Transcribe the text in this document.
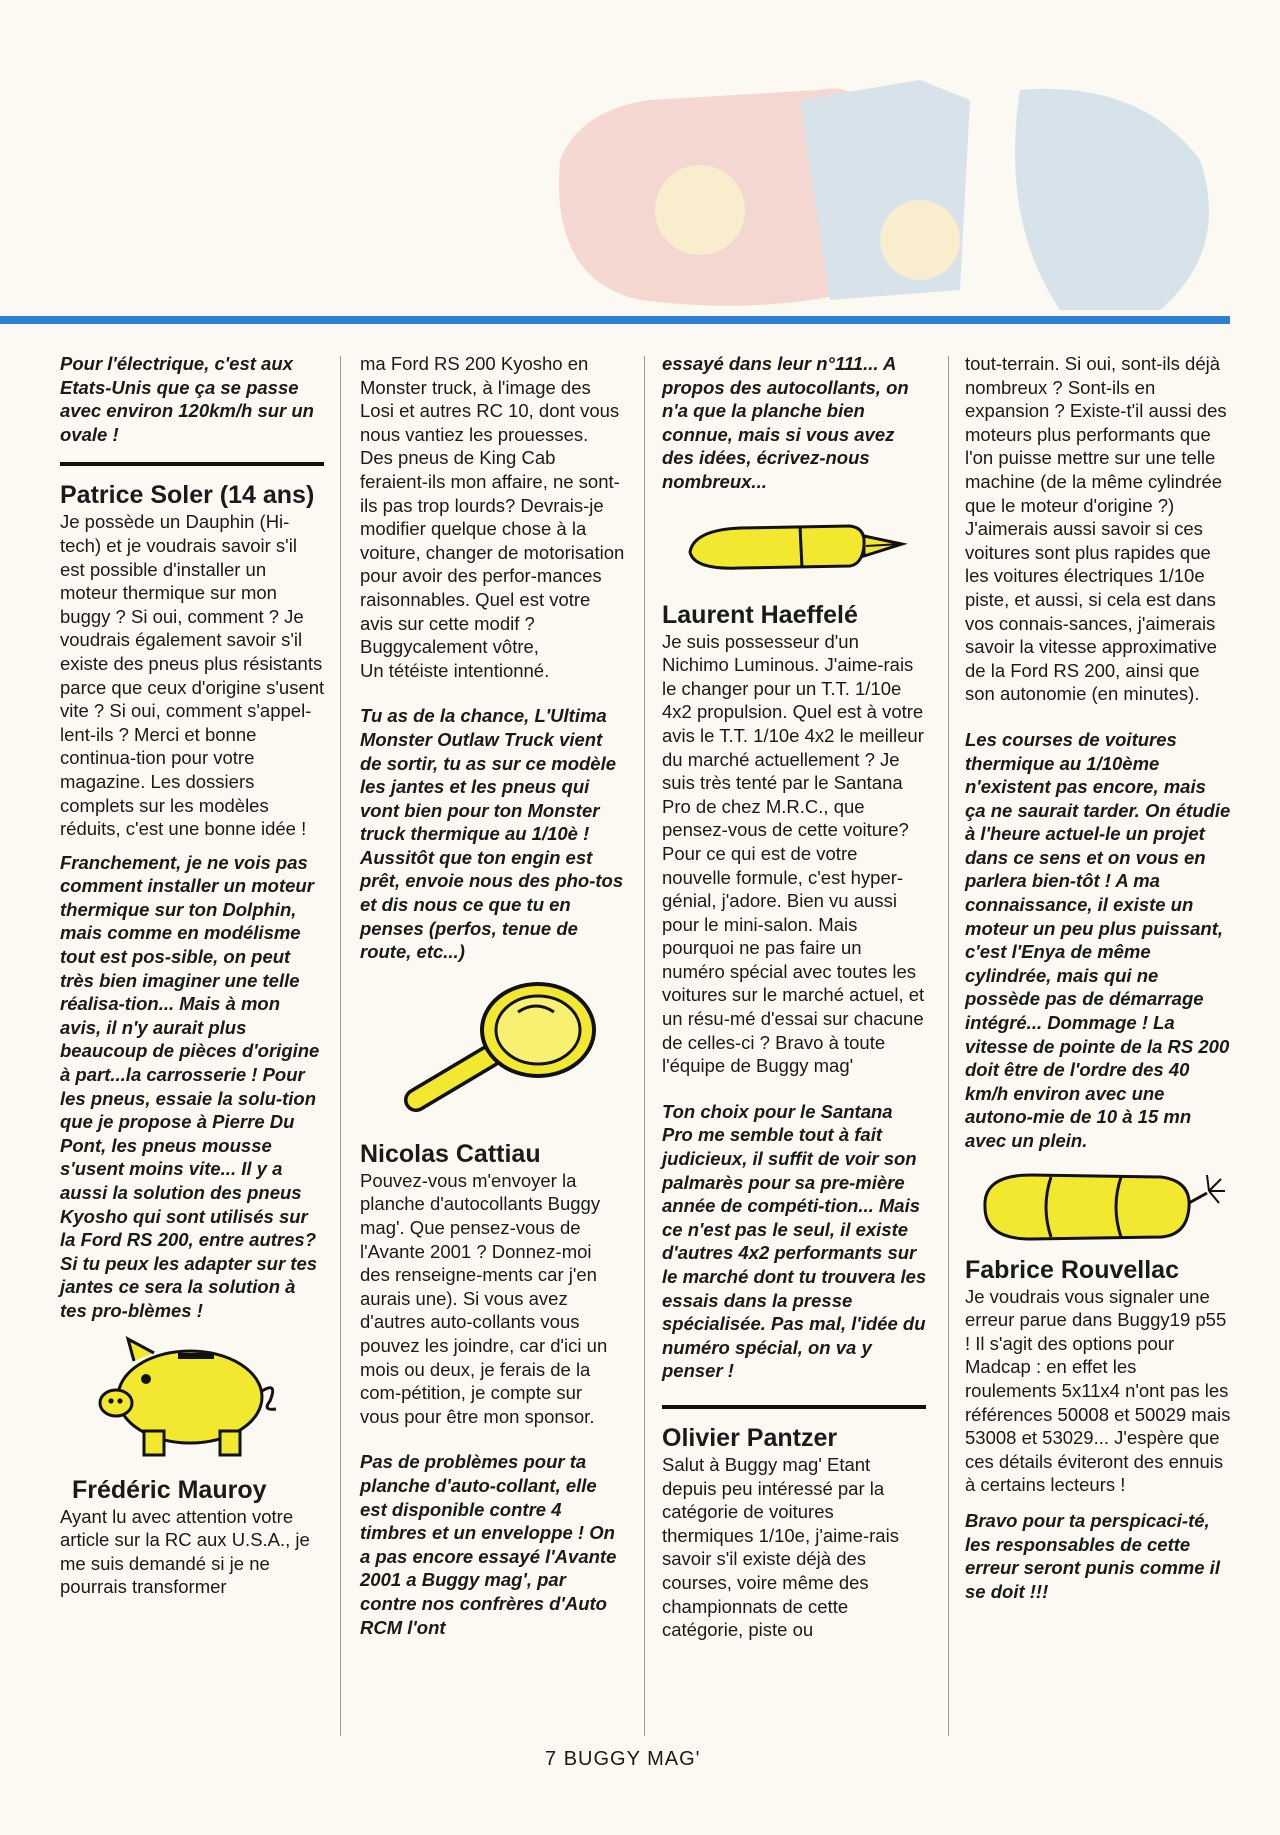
Pour l'électrique, c'est aux Etats-Unis que ça se passe avec environ 120km/h sur un ovale !

Patrice Soler (14 ans)

Je possède un Dauphin (Hi-tech) et je voudrais savoir s'il est possible d'installer un moteur thermique sur mon buggy ? Si oui, comment ? Je voudrais également savoir s'il existe des pneus plus résistants parce que ceux d'origine s'usent vite ? Si oui, comment s'appel-lent-ils ? Merci et bonne continua-tion pour votre magazine. Les dossiers complets sur les modèles réduits, c'est une bonne idée !

Franchement, je ne vois pas comment installer un moteur thermique sur ton Dolphin, mais comme en modélisme tout est pos-sible, on peut très bien imaginer une telle réalisa-tion... Mais à mon avis, il n'y aurait plus beaucoup de pièces d'origine à part...la carrosserie ! Pour les pneus, essaie la solu-tion que je propose à Pierre Du Pont, les pneus mousse s'usent moins vite... Il y a aussi la solution des pneus Kyosho qui sont utilisés sur la Ford RS 200, entre autres? Si tu peux les adapter sur tes jantes ce sera la solution à tes pro-blèmes !

Frédéric Mauroy

Ayant lu avec attention votre article sur la RC aux U.S.A., je me suis demandé si je ne pourrais transformer

ma Ford RS 200 Kyosho en Monster truck, à l'image des Losi et autres RC 10, dont vous nous vantiez les prouesses. Des pneus de King Cab feraient-ils mon affaire, ne sont-ils pas trop lourds? Devrais-je modifier quelque chose à la voiture, changer de motorisation pour avoir des perfor-mances raisonnables. Quel est votre avis sur cette modif ?

Buggycalement vôtre,

Un tétéiste intentionné.

Tu as de la chance, L'Ultima Monster Outlaw Truck vient de sortir, tu as sur ce modèle les jantes et les pneus qui vont bien pour ton Monster truck thermique au 1/10è ! Aussitôt que ton engin est prêt, envoie nous des pho-tos et dis nous ce que tu en penses (perfos, tenue de route, etc...)

Nicolas Cattiau

Pouvez-vous m'envoyer la planche d'autocollants Buggy mag'. Que pensez-vous de l'Avante 2001 ? Donnez-moi des renseigne-ments car j'en aurais une). Si vous avez d'autres auto-collants vous pouvez les joindre, car d'ici un mois ou deux, je ferais de la com-pétition, je compte sur vous pour être mon sponsor.

Pas de problèmes pour ta planche d'auto-collant, elle est disponible contre 4 timbres et un enveloppe ! On a pas encore essayé l'Avante 2001 a Buggy mag', par contre nos confrères d'Auto RCM l'ont

essayé dans leur n°111... A propos des autocollants, on n'a que la planche bien connue, mais si vous avez des idées, écrivez-nous nombreux...

Laurent Haeffelé

Je suis possesseur d'un Nichimo Luminous. J'aime-rais le changer pour un T.T. 1/10e 4x2 propulsion. Quel est à votre avis le T.T. 1/10e 4x2 le meilleur du marché actuellement ? Je suis très tenté par le Santana Pro de chez M.R.C., que pensez-vous de cette voiture? Pour ce qui est de votre nouvelle formule, c'est hyper-génial, j'adore. Bien vu aussi pour le mini-salon. Mais pourquoi ne pas faire un numéro spécial avec toutes les voitures sur le marché actuel, et un résu-mé d'essai sur chacune de celles-ci ? Bravo à toute l'équipe de Buggy mag'

Ton choix pour le Santana Pro me semble tout à fait judicieux, il suffit de voir son palmarès pour sa pre-mière année de compéti-tion... Mais ce n'est pas le seul, il existe d'autres 4x2 performants sur le marché dont tu trouvera les essais dans la presse spécialisée. Pas mal, l'idée du numéro spécial, on va y penser !

Olivier Pantzer

Salut à Buggy mag' Etant depuis peu intéressé par la catégorie de voitures thermiques 1/10e, j'aime-rais savoir s'il existe déjà des courses, voire même des championnats de cette catégorie, piste ou

tout-terrain. Si oui, sont-ils déjà nombreux ? Sont-ils en expansion ? Existe-t'il aussi des moteurs plus performants que l'on puisse mettre sur une telle machine (de la même cylindrée que le moteur d'origine ?) J'aimerais aussi savoir si ces voitures sont plus rapides que les voitures électriques 1/10e piste, et aussi, si cela est dans vos connais-sances, j'aimerais savoir la vitesse approximative de la Ford RS 200, ainsi que son autonomie (en minutes).

Les courses de voitures thermique au 1/10ème n'existent pas encore, mais ça ne saurait tarder. On étudie à l'heure actuel-le un projet dans ce sens et on vous en parlera bien-tôt ! A ma connaissance, il existe un moteur un peu plus puissant, c'est l'Enya de même cylindrée, mais qui ne possède pas de démarrage intégré... Dommage ! La vitesse de pointe de la RS 200 doit être de l'ordre des 40 km/h environ avec une autono-mie de 10 à 15 mn avec un plein.

Fabrice Rouvellac

Je voudrais vous signaler une erreur parue dans Buggy19 p55 ! Il s'agit des options pour Madcap : en effet les roulements 5x11x4 n'ont pas les références 50008 et 50029 mais 53008 et 53029... J'espère que ces détails éviteront des ennuis à certains lecteurs !

Bravo pour ta perspicaci-té, les responsables de cette erreur seront punis comme il se doit !!!

7 BUGGY MAG'
